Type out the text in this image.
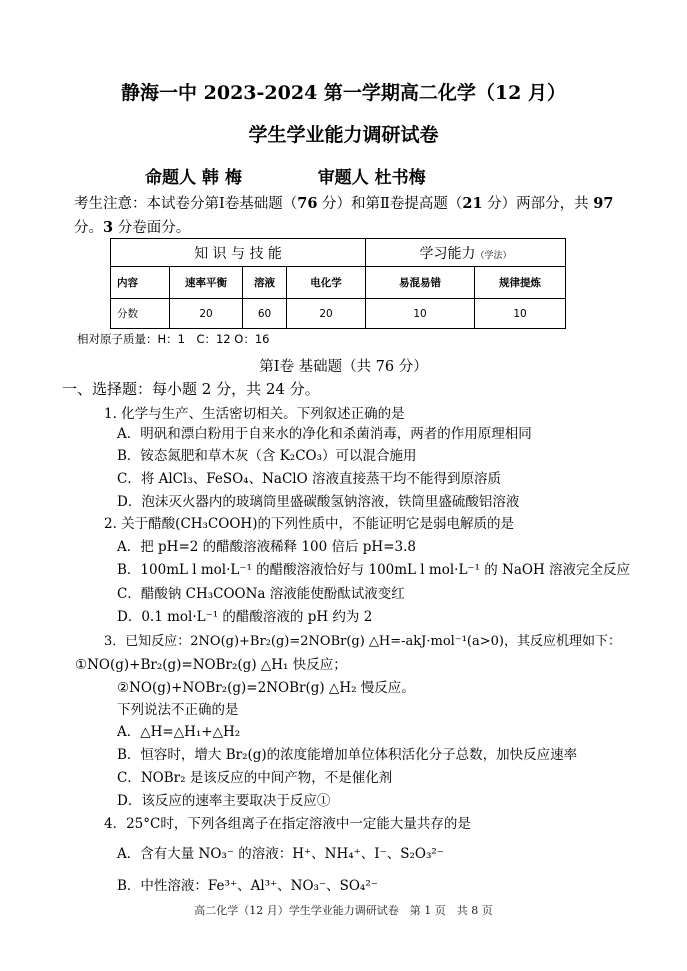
静海一中 2023-2024 第一学期高二化学（12 月）
学生学业能力调研试卷
命题人 韩 梅	审题人 杜书梅
考生注意：本试卷分第Ⅰ卷基础题（76 分）和第Ⅱ卷提高题（21 分）两部分，共 97 分。3 分卷面分。
知 识 与 技 能				学习能力（学法）	
内容	速率平衡	溶液	电化学	易混易错	规律提炼
分数	20	60	20	10	10
相对原子质量：H：1　C：12 O：16
第Ⅰ卷 基础题（共 76 分）
一、选择题：每小题 2 分，共 24 分。
1. 化学与生产、生活密切相关。下列叙述正确的是
A．明矾和漂白粉用于自来水的净化和杀菌消毒，两者的作用原理相同
B．铵态氮肥和草木灰（含 K₂CO₃）可以混合施用
C．将 AlCl₃、FeSO₄、NaClO 溶液直接蒸干均不能得到原溶质
D．泡沫灭火器内的玻璃筒里盛碳酸氢钠溶液，铁筒里盛硫酸铝溶液
2. 关于醋酸(CH₃COOH)的下列性质中，不能证明它是弱电解质的是
A．把 pH=2 的醋酸溶液稀释 100 倍后 pH=3.8
B．100mL l mol·L⁻¹ 的醋酸溶液恰好与 100mL l mol·L⁻¹ 的 NaOH 溶液完全反应
C．醋酸钠 CH₃COONa 溶液能使酚酞试液变红
D．0.1 mol·L⁻¹ 的醋酸溶液的 pH 约为 2
3．已知反应：2NO(g)+Br₂(g)=2NOBr(g) △H=-akJ·mol⁻¹(a>0)，其反应机理如下：
①NO(g)+Br₂(g)=NOBr₂(g) △H₁ 快反应；
②NO(g)+NOBr₂(g)=2NOBr(g) △H₂ 慢反应。
下列说法不正确的是
A．△H=△H₁+△H₂
B．恒容时，增大 Br₂(g)的浓度能增加单位体积活化分子总数，加快反应速率
C．NOBr₂ 是该反应的中间产物，不是催化剂
D．该反应的速率主要取决于反应①
4．25°C时，下列各组离子在指定溶液中一定能大量共存的是
A．含有大量 NO₃⁻ 的溶液：H⁺、NH₄⁺、I⁻、S₂O₃²⁻
B．中性溶液：Fe³⁺、Al³⁺、NO₃⁻、SO₄²⁻
高二化学（12 月）学生学业能力调研试卷　第 1 页　共 8 页
